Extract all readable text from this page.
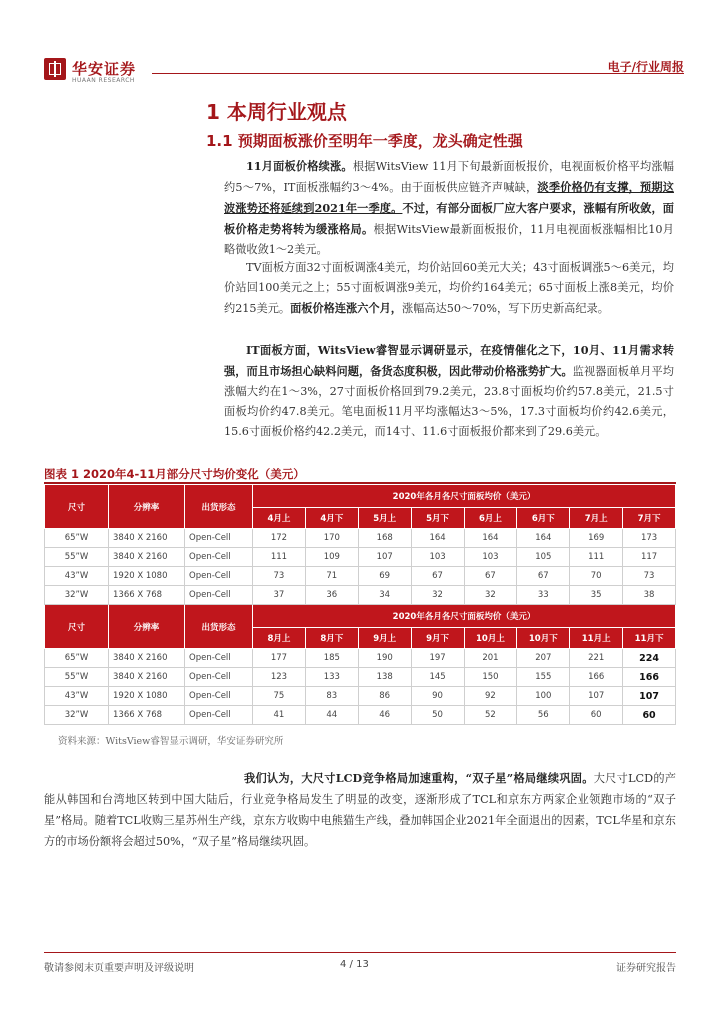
华安证券
HUAAN RESEARCH
电子/行业周报
1 本周行业观点
1.1 预期面板涨价至明年一季度，龙头确定性强

11月面板价格续涨。根据WitsView 11月下旬最新面板报价，电视面板价格平均涨幅约5～7%，IT面板涨幅约3～4%。由于面板供应链齐声喊缺，淡季价格仍有支撑，预期这波涨势还将延续到2021年一季度。不过，有部分面板厂应大客户要求，涨幅有所收敛，面板价格走势将转为缓涨格局。根据WitsView最新面板报价，11月电视面板涨幅相比10月略微收敛1～2美元。

TV面板方面32寸面板调涨4美元，均价站回60美元大关；43寸面板调涨5～6美元，均价站回100美元之上；55寸面板调涨9美元，均价约164美元；65寸面板上涨8美元，均价约215美元。面板价格连涨六个月，涨幅高达50～70%，写下历史新高纪录。

IT面板方面，WitsView睿智显示调研显示，在疫情催化之下，10月、11月需求转强，而且市场担心缺料问题，备货态度积极，因此带动价格涨势扩大。监视器面板单月平均涨幅大约在1～3%，27寸面板价格回到79.2美元，23.8寸面板均价约57.8美元，21.5寸面板均价约47.8美元。笔电面板11月平均涨幅达3～5%，17.3寸面板均价约42.6美元，15.6寸面板价格约42.2美元，而14寸、11.6寸面板报价都来到了29.6美元。

图表 1 2020年4-11月部分尺寸均价变化（美元）
尺寸	分辨率	出货形态	2020年各月各尺寸面板均价（美元）							
			4月上	4月下	5月上	5月下	6月上	6月下	7月上	7月下
65”W	3840 X 2160	Open-Cell	172	170	168	164	164	164	169	173
55”W	3840 X 2160	Open-Cell	111	109	107	103	103	105	111	117
43”W	1920 X 1080	Open-Cell	73	71	69	67	67	67	70	73
32”W	1366 X 768	Open-Cell	37	36	34	32	32	33	35	38
尺寸	分辨率	出货形态	2020年各月各尺寸面板均价（美元）							
			8月上	8月下	9月上	9月下	10月上	10月下	11月上	11月下
65”W	3840 X 2160	Open-Cell	177	185	190	197	201	207	221	224
55”W	3840 X 2160	Open-Cell	123	133	138	145	150	155	166	166
43”W	1920 X 1080	Open-Cell	75	83	86	90	92	100	107	107
32”W	1366 X 768	Open-Cell	41	44	46	50	52	56	60	60
资料来源：WitsView睿智显示调研，华安证券研究所

我们认为，大尺寸LCD竞争格局加速重构，“双子星”格局继续巩固。大尺寸LCD的产能从韩国和台湾地区转到中国大陆后，行业竞争格局发生了明显的改变，逐渐形成了TCL和京东方两家企业领跑市场的“双子星”格局。随着TCL收购三星苏州生产线，京东方收购中电熊猫生产线，叠加韩国企业2021年全面退出的因素，TCL华星和京东方的市场份额将会超过50%，“双子星”格局继续巩固。

敬请参阅末页重要声明及评级说明	4 / 13	证券研究报告
